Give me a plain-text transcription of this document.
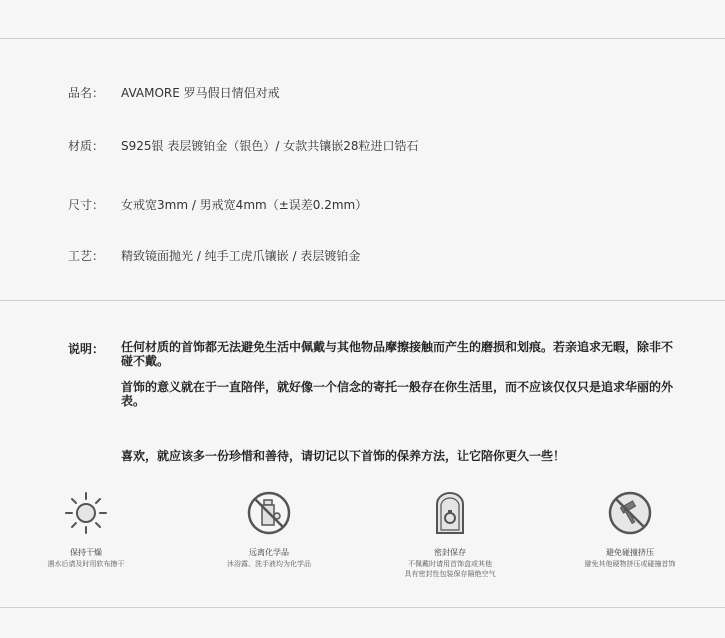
品名： AVAMORE 罗马假日情侣对戒
材质： S925银 表层镀铂金（银色）/ 女款共镶嵌28粒进口锆石
尺寸： 女戒宽3mm / 男戒宽4mm（±误差0.2mm）
工艺： 精致镜面抛光 / 纯手工虎爪镶嵌 / 表层镀铂金
说明： 任何材质的首饰都无法避免生活中佩戴与其他物品摩擦接触而产生的磨损和划痕。若亲追求无暇，除非不碰不戴。
首饰的意义就在于一直陪伴，就好像一个信念的寄托一般存在你生活里，而不应该仅仅只是追求华丽的外表。
喜欢，就应该多一份珍惜和善待，请切记以下首饰的保养方法，让它陪你更久一些！
保持干燥
遇水后请及时用软布擦干
远离化学品
沐浴露、洗手液均为化学品
密封保存
不佩戴时请用首饰盒或其他
具有密封性包装保存隔绝空气
避免碰撞挤压
避免其他硬物挤压或碰撞首饰
